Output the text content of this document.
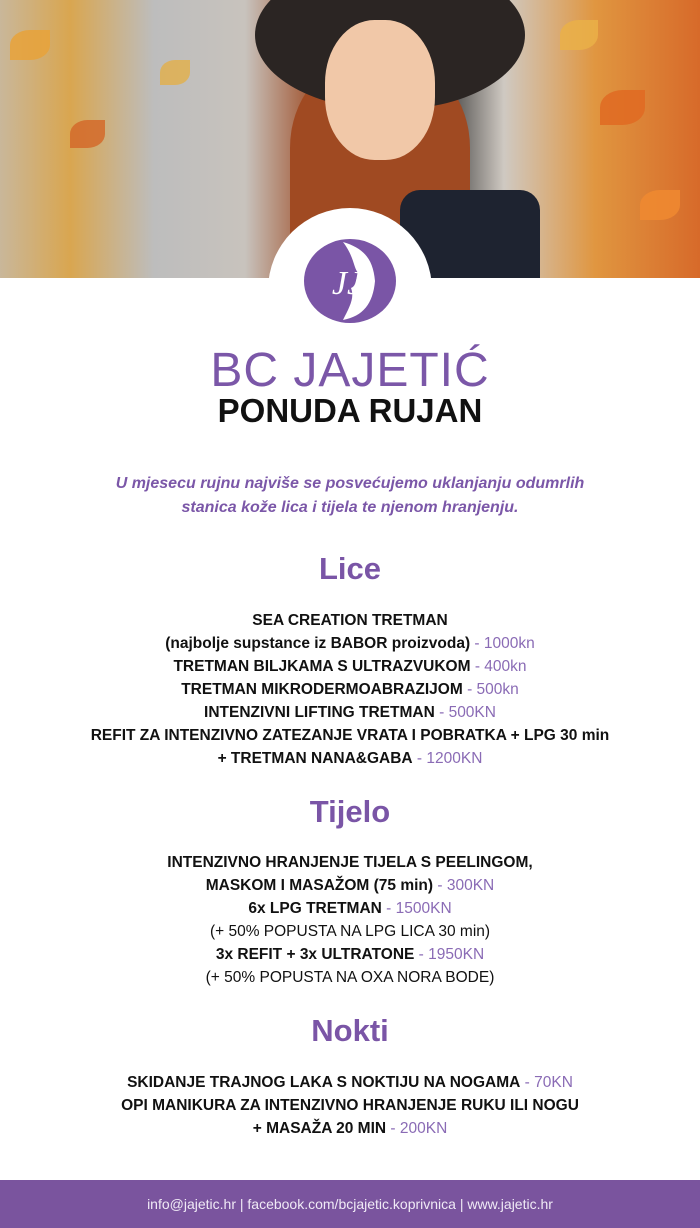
JJ
BC JAJETIĆ
PONUDA RUJAN
U mjesecu rujnu najviše se posvećujemo uklanjanju odumrlih
stanica kože lica i tijela te njenom hranjenju.
Lice
SEA CREATION TRETMAN
(najbolje supstance iz BABOR proizvoda) - 1000kn
TRETMAN BILJKAMA S ULTRAZVUKOM - 400kn
TRETMAN MIKRODERMOABRAZIJOM - 500kn
INTENZIVNI LIFTING TRETMAN - 500KN
REFIT ZA INTENZIVNO ZATEZANJE VRATA I POBRATKA + LPG 30 min
+ TRETMAN NANA&GABA - 1200KN
Tijelo
INTENZIVNO HRANJENJE TIJELA S PEELINGOM,
MASKOM I MASAŽOM (75 min) - 300KN
6x LPG TRETMAN - 1500KN
(+ 50% POPUSTA NA LPG LICA 30 min)
3x REFIT + 3x ULTRATONE - 1950KN
(+ 50% POPUSTA NA OXA NORA BODE)
Nokti
SKIDANJE TRAJNOG LAKA S NOKTIJU NA NOGAMA - 70KN
OPI MANIKURA ZA INTENZIVNO HRANJENJE RUKU ILI NOGU
+ MASAŽA 20 MIN - 200KN
info@jajetic.hr | facebook.com/bcjajetic.koprivnica | www.jajetic.hr
